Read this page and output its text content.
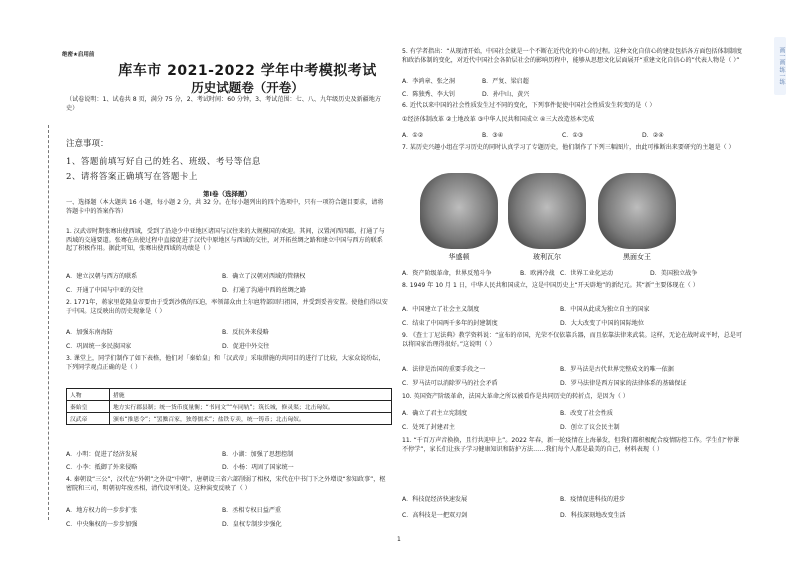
绝密★启用前
库车市 2021-2022 学年中考模拟考试
历史试题卷（开卷）
（试卷说明：1、试卷共 8 页，满分 75 分，2、考试时间：60 分钟，3、考试范围：七、八、九年级历史及新疆地方史）
注意事项：
1、答题前填写好自己的姓名、班级、考号等信息
2、请将答案正确填写在答题卡上
第Ⅰ卷（选择题）
一、选择题（本大题共 16 小题，每小题 2 分，共 32 分。在每小题列出的四个选项中，只有一项符合题目要求，请将答题卡中的答案作答）
1. 汉武帝时期张骞出使西域，受到了沿途少中亚地区诸国与汉往来的大规模国的欢迎。其间，汉置河西四郡，打通了与西域的交通要道。张骞在出使过程中直接促进了汉代中原地区与西域的交往，对开拓丝绸之路和建立中国与西方的联系起了积极作用。据此可知，张骞出使西域的功绩是（ ）
A．建立汉朝与西方的联系	B．确立了汉朝对西域的管辖权
C．开通了中国与中亚的交往	D．打通了沟通中西的丝绸之路
2. 1771年，蒋家里乾隆皇帝要由于受到沙俄的压迫，率领部众由土尔扈特部回归祖国，并受到妥善安置。使他们得以安于中国。这反映出的历史现象是（ ）
A．加强东南海防	B．反抗外来侵略
C．巩固统一多民族国家	D．促进中外交往
3. 课堂上，同学们制作了如下表格，他们对「秦始皇」和「汉武帝」采取措施的共同目的进行了比较，大家众说纷纭，下列同学观点正确的是（ ）
人物	措施
秦始皇	地方实行郡县制；统一货币度量衡；“书同文”“车同轨”；筑长城，修灵渠；北击匈奴。
汉武帝	颁布“推恩令”；“罢黜百家，独尊儒术”；盐铁专卖，统一铸币；北击匈奴。
A．小明：促进了经济发展	B．小湖：加强了思想控制
C．小李：抵御了外来侵略	D．小杨：巩固了国家统一
4. 秦朝设“三公”，汉代在“外朝”之外设“中朝”，唐朝设三省六部削弱了相权，宋代在中书门下之外增设“参知政事”，枢密院和三司，明朝初年废丞相，清代设军机处。这种演变反映了（ ）
A．地方权力的一步步扩张	B．丞相专权日益严重
C．中央集权的一步步加强	D．皇权专制步步强化
5. 有学者指出：“从现清开始，中国社会就是一个不断在近代化的中心的过程。这种文化自信心的建设包括各方面包括体制制度和政治体制的变化，对近代中国社会各阶层社会的影响历程中，能够从思想文化层面展开“重建文化自信心的”代表人物是（ ）”
A．李鸿章、张之洞	B．严复、梁启超
C．陈独秀、李大钊	D．孙中山、黄兴
6. 近代以来中国的社会性质发生过不同的变化，下列事件促使中国社会性质发生转变的是（ ）
①经济体制改革 ②土地改革 ③中华人民共和国成立 ④三大改造基本完成
A．①②	B．③④	C．①③	D．②④
7. 某历史兴趣小组在学习历史的同时认真学习了专题历史，他们制作了下列三幅图片，由此可推断出来要研究的主题是（ ）
华盛顿	玻利瓦尔	黑面女王
A．资产阶级革命，世界反殖斗争	B．欧洲冷战 C．世界工业化运动	D．美国独立战争
8. 1949 年 10 月 1 日，中华人民共和国成立，这是中国历史上“开天辟地”的新纪元。其“新”主要体现在（ ）
A．中国建立了社会主义制度	B．中国从此成为独立自主的国家
C．结束了中国两千多年的封建制度	D．大大改变了中国的国际地位
9. 《查士丁尼法典》教学资料说：“宣布的帝国，光荣不仅依靠兵器，而且依靠法律来武装。这样，无论在战时或平时，总是可以将国家治理得很好。”这说明（ ）
A．法律是治国的重要手段之一	B．罗马法是古代世界完整成文的唯一依据
C．罗马法可以消除罗马的社会矛盾	D．罗马法律是西方国家的法律体系的基础保证
10. 英国资产阶级革命，法国大革命之所以被看作是共同历史的转折点，是因为（ ）
A．确立了君主立宪制度	B．改变了社会性质
C．处死了封建君主	D．创立了议会民主制
11. “千百万声音换换，且行共迎申上”。2022 年春，新一轮疫情在上海暴发，但我们都积极配合疫情防控工作。学生们“停课不停学”，家长们让孩子学习健康知识和防护方法……我们每个人都是最美的自己，材料表现（ ）
A．科技促经济快速发展	B．疫情促进科技的进步
C．高科技是一把双刃剑	D．科技深刻地改变生活
1
画一画 练一练
